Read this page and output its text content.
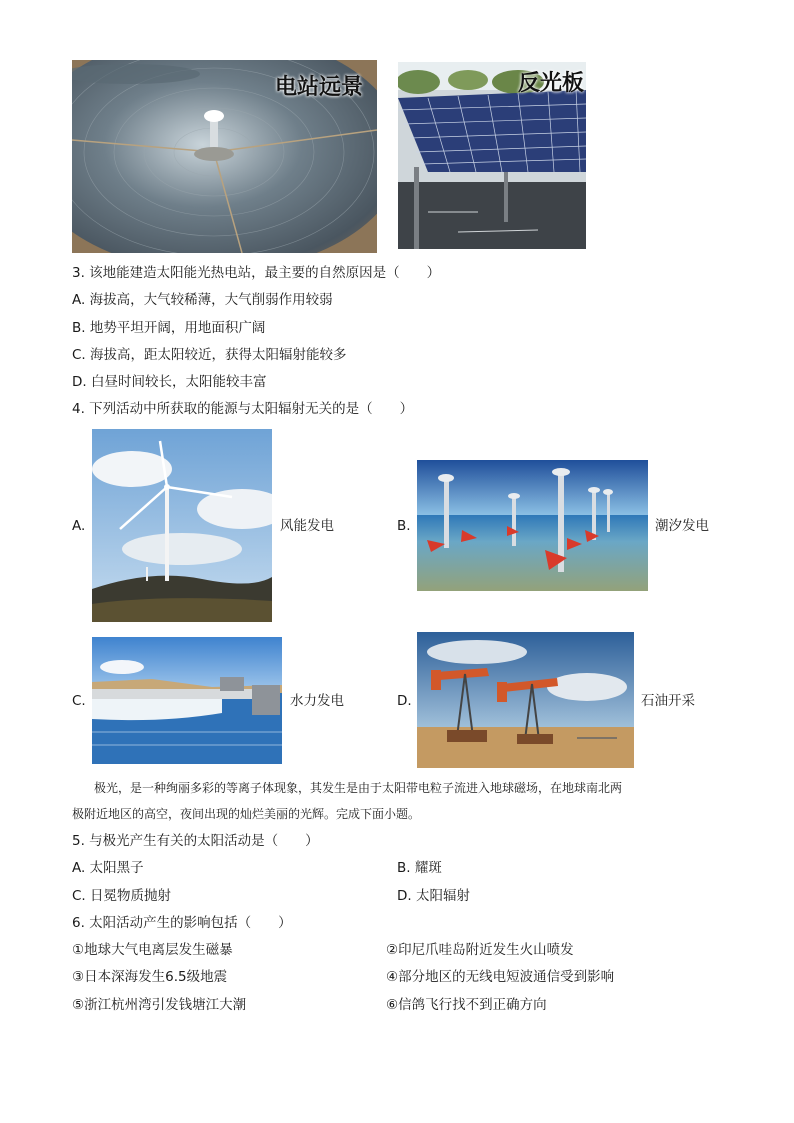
电站远景	反光板
3. 该地能建造太阳能光热电站，最主要的自然原因是（　　）
A. 海拔高，大气较稀薄，大气削弱作用较弱
B. 地势平坦开阔，用地面积广阔
C. 海拔高，距太阳较近，获得太阳辐射能较多
D. 白昼时间较长，太阳能较丰富
4. 下列活动中所获取的能源与太阳辐射无关的是（　　）
A.	风能发电	B.	潮汐发电
C.	水力发电	D.	石油开采
极光，是一种绚丽多彩的等离子体现象，其发生是由于太阳带电粒子流进入地球磁场，在地球南北两
极附近地区的高空，夜间出现的灿烂美丽的光辉。完成下面小题。
5. 与极光产生有关的太阳活动是（　　）
A. 太阳黑子	B. 耀斑
C. 日冕物质抛射	D. 太阳辐射
6. 太阳活动产生的影响包括（　　）
①地球大气电离层发生磁暴	②印尼爪哇岛附近发生火山喷发
③日本深海发生6.5级地震	④部分地区的无线电短波通信受到影响
⑤浙江杭州湾引发钱塘江大潮	⑥信鸽飞行找不到正确方向
